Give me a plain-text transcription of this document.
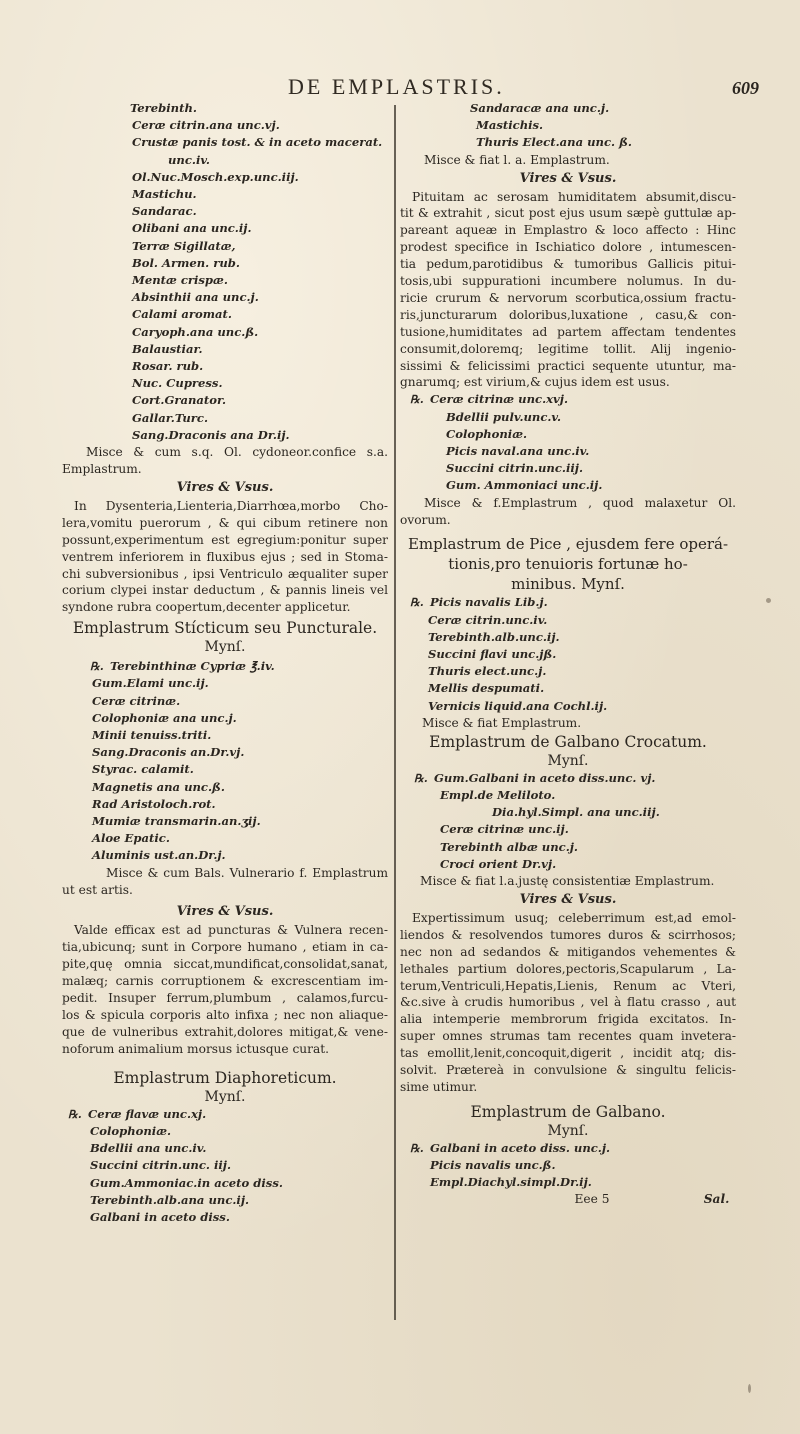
DE EMPLASTRIS.	609
Terebinth.
Ceræ citrin.ana unc.vj.
Crustæ panis tost. & in aceto macerat.
unc.iv.
Ol.Nuc.Mosch.exp.unc.iij.
Mastichu.
Sandarac.
Olibani ana unc.ij.
Terræ Sigillatæ,
Bol. Armen. rub.
Mentæ crispæ.
Absinthii ana unc.j.
Calami aromat.
Caryoph.ana unc.ß.
Balaustiar.
Rosar. rub.
Nuc. Cupress.
Cort.Granator.
Gallar.Turc.
Sang.Draconis ana Dr.ij.
Misce & cum s.q. Ol. cydoneor.confice s.a.
Emplastrum.
Vires & Vsus.
In Dysenteria,Lienteria,Diarrhœa,morbo Cho-
lera,vomitu puerorum , & qui cibum retinere non
possunt,experimentum est egregium:ponitur super
ventrem inferiorem in fluxibus ejus ; sed in Stoma-
chi subversionibus , ipsi Ventriculo æqualiter super
corium clypei instar deductum , & pannis lineis vel
syndone rubra coopertum,decenter applicetur.
Emplastrum Stícticum seu Puncturale.
Mynſ.
℞. Terebinthinæ Cypriæ ℥.iv.
Gum.Elami unc.ij.
Ceræ citrinæ.
Colophoniæ ana unc.j.
Minii tenuiss.triti.
Sang.Draconis an.Dr.vj.
Styrac. calamit.
Magnetis ana unc.ß.
Rad Aristoloch.rot.
Mumiæ transmarin.an.ʒij.
Aloe Epatic.
Aluminis ust.an.Dr.j.
Misce & cum Bals. Vulnerario f. Emplastrum
ut est artis.
Vires & Vsus.
Valde efficax est ad puncturas & Vulnera recen-
tia,ubicunq; sunt in Corpore humano , etiam in ca-
pite,quę omnia siccat,mundificat,consolidat,sanat,
malæq; carnis corruptionem & excrescentiam im-
pedit. Insuper ferrum,plumbum , calamos,furcu-
los & spicula corporis alto infixa ; nec non aliaque-
que de vulneribus extrahit,dolores mitigat,& vene-
noforum animalium morsus ictusque curat.
Emplastrum Diaphoreticum.
Mynſ.
℞. Ceræ flavæ unc.xj.
Colophoniæ.
Bdellii ana unc.iv.
Succini citrin.unc. iij.
Gum.Ammoniac.in aceto diss.
Terebinth.alb.ana unc.ij.
Galbani in aceto diss.
Sandaracæ ana unc.j.
Mastichis.
Thuris Elect.ana unc. ß.
Misce & fiat l. a. Emplastrum.
Vires & Vsus.
Pituitam ac serosam humiditatem absumit,discu-
tit & extrahit , sicut post ejus usum sæpè guttulæ ap-
pareant aqueæ in Emplastro & loco affecto : Hinc
prodest specifice in Ischiatico dolore , intumescen-
tia pedum,parotidibus & tumoribus Gallicis pitui-
tosis,ubi suppurationi incumbere nolumus. In du-
ricie crurum & nervorum scorbutica,ossium fractu-
ris,juncturarum doloribus,luxatione , casu,& con-
tusione,humiditates ad partem affectam tendentes
consumit,doloremq; legitime tollit. Alij ingenio-
sissimi & felicissimi practici sequente utuntur, ma-
gnarumq; est virium,& cujus idem est usus.
℞. Ceræ citrinæ unc.xvj.
Bdellii pulv.unc.v.
Colophoniæ.
Picis naval.ana unc.iv.
Succini citrin.unc.iij.
Gum. Ammoniaci unc.ij.
Misce & f.Emplastrum , quod malaxetur Ol.
ovorum.
Emplastrum de Pice , ejusdem fere operá-
tionis,pro tenuioris fortunæ ho-
minibus. Mynſ.
℞. Picis navalis Lib.j.
Ceræ citrin.unc.iv.
Terebinth.alb.unc.ij.
Succini flavi unc.jß.
Thuris elect.unc.j.
Mellis despumati.
Vernicis liquid.ana Cochl.ij.
Misce & fiat Emplastrum.
Emplastrum de Galbano Crocatum.
Mynſ.
℞. Gum.Galbani in aceto diss.unc. vj.
Empl.de Meliloto.
Dia.hyl.Simpl. ana unc.iij.
Ceræ citrinæ unc.ij.
Terebinth albæ unc.j.
Croci orient Dr.vj.
Misce & fiat l.a.justę consistentiæ Emplastrum.
Vires & Vsus.
Expertissimum usuq; celeberrimum est,ad emol-
liendos & resolvendos tumores duros & scirrhosos;
nec non ad sedandos & mitigandos vehementes &
lethales partium dolores,pectoris,Scapularum , La-
terum,Ventriculi,Hepatis,Lienis, Renum ac Vteri,
&c.sive à crudis humoribus , vel à flatu crasso , aut
alia intemperie membrorum frigida excitatos. In-
super omnes strumas tam recentes quam invetera-
tas emollit,lenit,concoquit,digerit , incidit atq; dis-
solvit. Prætereà in convulsione & singultu felicis-
sime utimur.
Emplastrum de Galbano.
Mynſ.
℞. Galbani in aceto diss. unc.j.
Picis navalis unc.ß.
Empl.Diachyl.simpl.Dr.ij.
Eee 5	Sal.
